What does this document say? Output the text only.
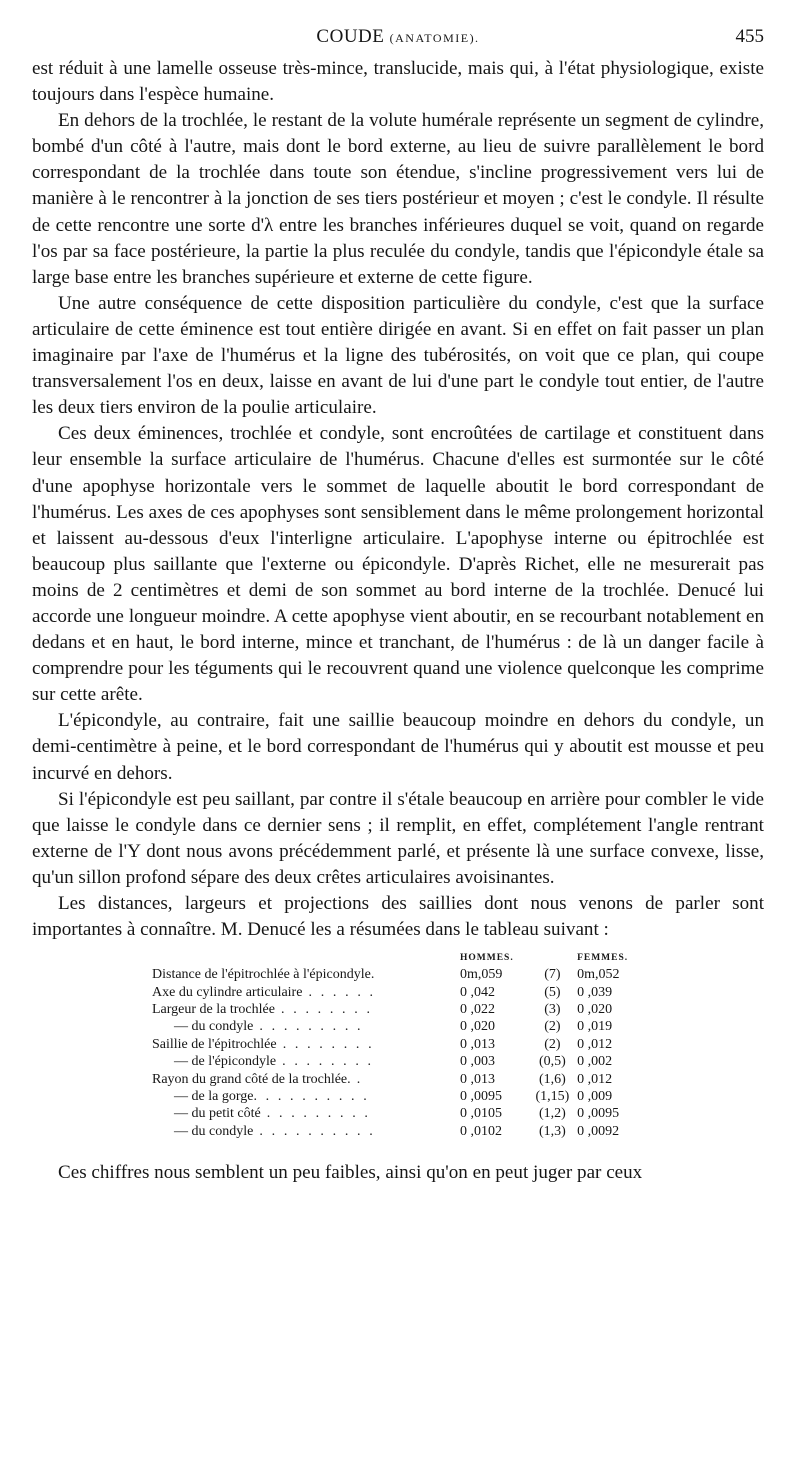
COUDE (ANATOMIE).	455

est réduit à une lamelle osseuse très-mince, translucide, mais qui, à l'état physiologique, existe toujours dans l'espèce humaine.

En dehors de la trochlée, le restant de la volute humérale représente un segment de cylindre, bombé d'un côté à l'autre, mais dont le bord externe, au lieu de suivre parallèlement le bord correspondant de la trochlée dans toute son étendue, s'incline progressivement vers lui de manière à le rencontrer à la jonction de ses tiers postérieur et moyen ; c'est le condyle. Il résulte de cette rencontre une sorte d'λ entre les branches inférieures duquel se voit, quand on regarde l'os par sa face postérieure, la partie la plus reculée du condyle, tandis que l'épicondyle étale sa large base entre les branches supérieure et externe de cette figure.

Une autre conséquence de cette disposition particulière du condyle, c'est que la surface articulaire de cette éminence est tout entière dirigée en avant. Si en effet on fait passer un plan imaginaire par l'axe de l'humérus et la ligne des tubérosités, on voit que ce plan, qui coupe transversalement l'os en deux, laisse en avant de lui d'une part le condyle tout entier, de l'autre les deux tiers environ de la poulie articulaire.

Ces deux éminences, trochlée et condyle, sont encroûtées de cartilage et constituent dans leur ensemble la surface articulaire de l'humérus. Chacune d'elles est surmontée sur le côté d'une apophyse horizontale vers le sommet de laquelle aboutit le bord correspondant de l'humérus. Les axes de ces apophyses sont sensiblement dans le même prolongement horizontal et laissent au-dessous d'eux l'interligne articulaire. L'apophyse interne ou épitrochlée est beaucoup plus saillante que l'externe ou épicondyle. D'après Richet, elle ne mesurerait pas moins de 2 centimètres et demi de son sommet au bord interne de la trochlée. Denucé lui accorde une longueur moindre. A cette apophyse vient aboutir, en se recourbant notablement en dedans et en haut, le bord interne, mince et tranchant, de l'humérus : de là un danger facile à comprendre pour les téguments qui le recouvrent quand une violence quelconque les comprime sur cette arête.

L'épicondyle, au contraire, fait une saillie beaucoup moindre en dehors du condyle, un demi-centimètre à peine, et le bord correspondant de l'humérus qui y aboutit est mousse et peu incurvé en dehors.

Si l'épicondyle est peu saillant, par contre il s'étale beaucoup en arrière pour combler le vide que laisse le condyle dans ce dernier sens ; il remplit, en effet, complétement l'angle rentrant externe de l'Y dont nous avons précédemment parlé, et présente là une surface convexe, lisse, qu'un sillon profond sépare des deux crêtes articulaires avoisinantes.

Les distances, largeurs et projections des saillies dont nous venons de parler sont importantes à connaître. M. Denucé les a résumées dans le tableau suivant :

	HOMMES.		FEMMES.
Distance de l'épitrochlée à l'épicondyle.	0m,059	(7)	0m,052
Axe du cylindre articulaire . . . . . .	0 ,042	(5)	0 ,039
Largeur de la trochlée . . . . . . . .	0 ,022	(3)	0 ,020
— du condyle . . . . . . . . .	0 ,020	(2)	0 ,019
Saillie de l'épitrochlée . . . . . . . .	0 ,013	(2)	0 ,012
— de l'épicondyle . . . . . . . .	0 ,003	(0,5)	0 ,002
Rayon du grand côté de la trochlée. .	0 ,013	(1,6)	0 ,012
— de la gorge. . . . . . . . . .	0 ,0095	(1,15)	0 ,009
— du petit côté . . . . . . . . .	0 ,0105	(1,2)	0 ,0095
— du condyle . . . . . . . . . .	0 ,0102	(1,3)	0 ,0092

Ces chiffres nous semblent un peu faibles, ainsi qu'on en peut juger par ceux
